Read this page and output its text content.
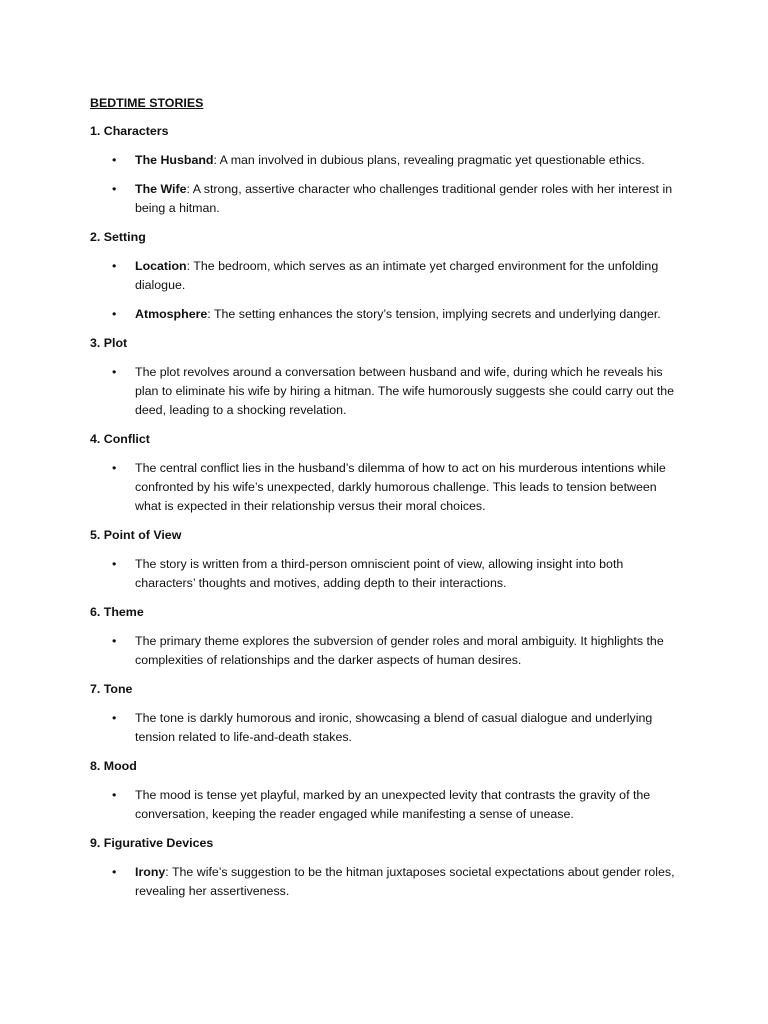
BEDTIME STORIES
1. Characters
• The Husband: A man involved in dubious plans, revealing pragmatic yet questionable ethics.
• The Wife: A strong, assertive character who challenges traditional gender roles with her interest in being a hitman.
2. Setting
• Location: The bedroom, which serves as an intimate yet charged environment for the unfolding dialogue.
• Atmosphere: The setting enhances the story’s tension, implying secrets and underlying danger.
3. Plot
• The plot revolves around a conversation between husband and wife, during which he reveals his plan to eliminate his wife by hiring a hitman. The wife humorously suggests she could carry out the deed, leading to a shocking revelation.
4. Conflict
• The central conflict lies in the husband’s dilemma of how to act on his murderous intentions while confronted by his wife’s unexpected, darkly humorous challenge. This leads to tension between what is expected in their relationship versus their moral choices.
5. Point of View
• The story is written from a third-person omniscient point of view, allowing insight into both characters’ thoughts and motives, adding depth to their interactions.
6. Theme
• The primary theme explores the subversion of gender roles and moral ambiguity. It highlights the complexities of relationships and the darker aspects of human desires.
7. Tone
• The tone is darkly humorous and ironic, showcasing a blend of casual dialogue and underlying tension related to life-and-death stakes.
8. Mood
• The mood is tense yet playful, marked by an unexpected levity that contrasts the gravity of the conversation, keeping the reader engaged while manifesting a sense of unease.
9. Figurative Devices
• Irony: The wife’s suggestion to be the hitman juxtaposes societal expectations about gender roles, revealing her assertiveness.
